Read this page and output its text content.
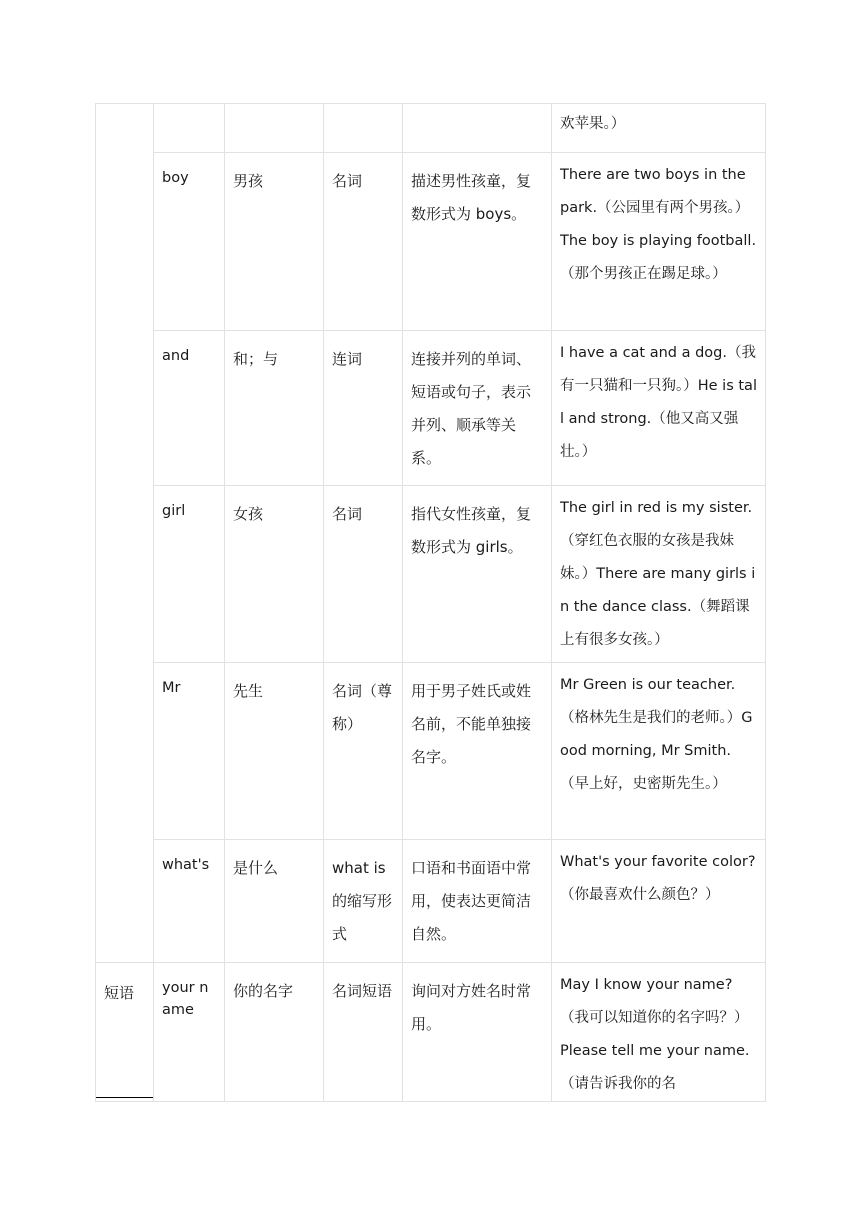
					欢苹果。）
	boy	男孩	名词	描述男性孩童，复数形式为 boys。	There are two boys in the park.（公园里有两个男孩。）The boy is playing football.（那个男孩正在踢足球。）
	and	和；与	连词	连接并列的单词、短语或句子，表示并列、顺承等关系。	I have a cat and a dog.（我有一只猫和一只狗。）He is tall and strong.（他又高又强壮。）
	girl	女孩	名词	指代女性孩童，复数形式为 girls。	The girl in red is my sister.（穿红色衣服的女孩是我妹妹。）There are many girls in the dance class.（舞蹈课上有很多女孩。）
	Mr	先生	名词（尊称）	用于男子姓氏或姓名前，不能单独接名字。	Mr Green is our teacher.（格林先生是我们的老师。）Good morning, Mr Smith.（早上好，史密斯先生。）
	what's	是什么	what is 的缩写形式	口语和书面语中常用，使表达更简洁自然。	What's your favorite color?（你最喜欢什么颜色？）
短语	your name	你的名字	名词短语	询问对方姓名时常用。	May I know your name?（我可以知道你的名字吗？）Please tell me your name.（请告诉我你的名
